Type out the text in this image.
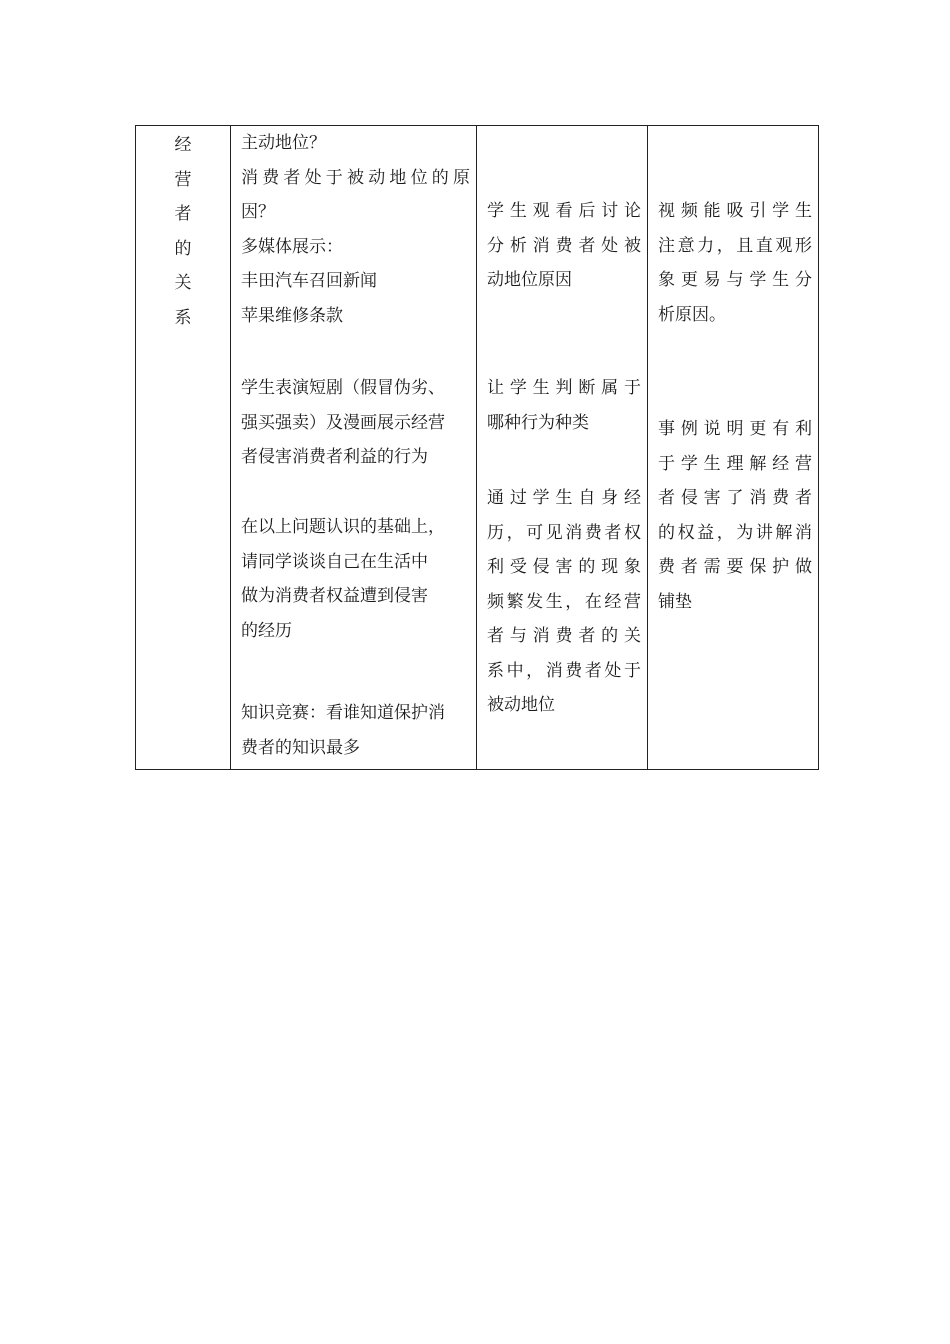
经
营
者
的
关
系

主动地位？
消费者处于被动地位的原
因？
多媒体展示：
丰田汽车召回新闻
苹果维修条款
学生表演短剧（假冒伪劣、
强买强卖）及漫画展示经营
者侵害消费者利益的行为
在以上问题认识的基础上，
请同学谈谈自己在生活中
做为消费者权益遭到侵害
的经历
知识竞赛：看谁知道保护消
费者的知识最多

学生观看后讨论
分析消费者处被
动地位原因
让学生判断属于
哪种行为种类
通过学生自身经
历，可见消费者权
利受侵害的现象
频繁发生，在经营
者与消费者的关
系中，消费者处于
被动地位

视频能吸引学生
注意力，且直观形
象更易与学生分
析原因。
事例说明更有利
于学生理解经营
者侵害了消费者
的权益，为讲解消
费者需要保护做
铺垫
